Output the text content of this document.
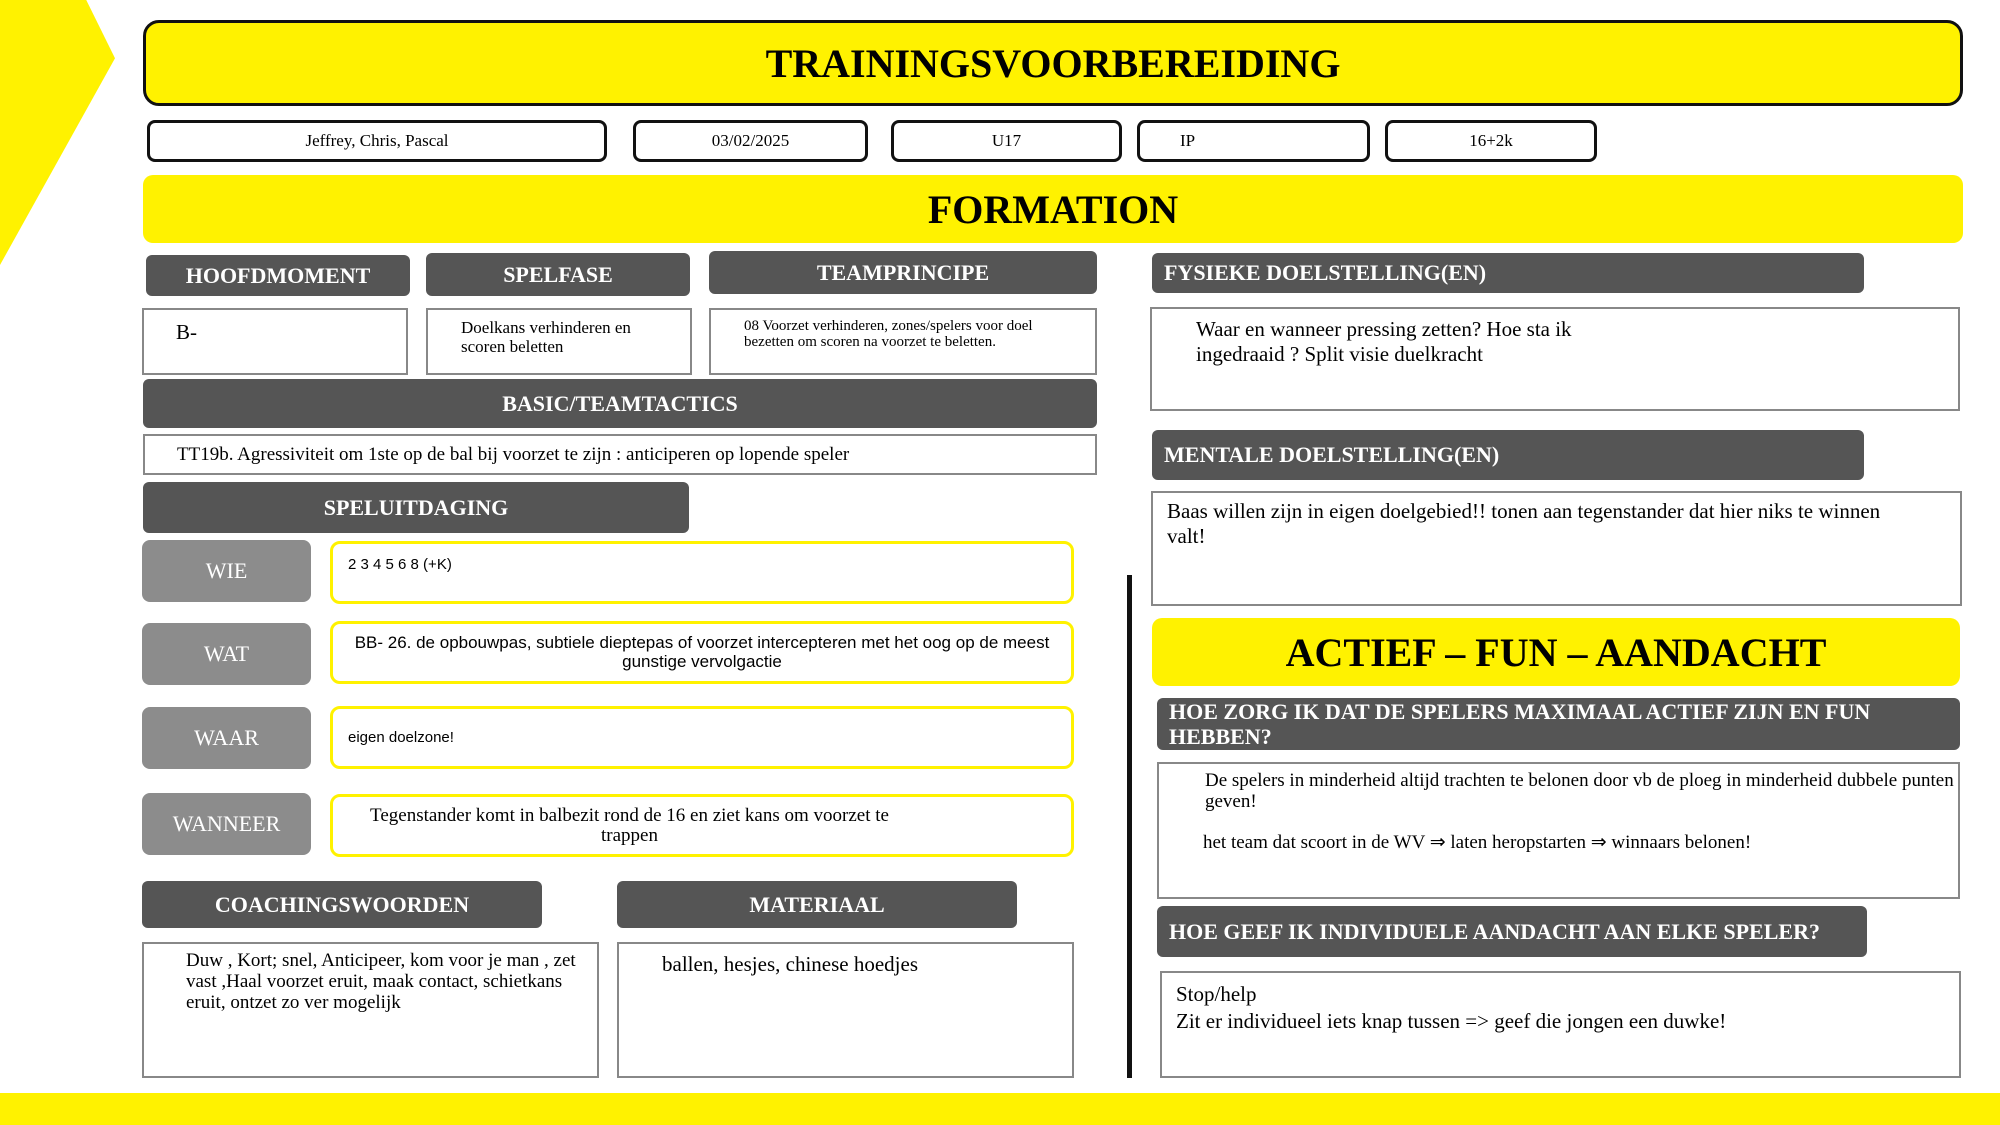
TRAININGSVOORBEREIDING
Jeffrey, Chris, Pascal	03/02/2025	U17	IP	16+2k
FORMATION
HOOFDMOMENT	SPELFASE	TEAMPRINCIPE

B-	Doelkans verhinderen en scoren beletten

08 Voorzet verhinderen, zones/spelers voor doel bezetten om scoren na voorzet te beletten.

BASIC/TEAMTACTICS

TT19b. Agressiviteit om 1ste op de bal bij voorzet te zijn : anticiperen op lopende speler

SPELUITDAGING
WIE	2 3 4 5 6 8 (+K)

WAT	BB- 26. de opbouwpas, subtiele dieptepas of voorzet intercepteren met het oog op de meest gunstige vervolgactie

WAAR	eigen doelzone!

WANNEER	Tegenstander komt in balbezit rond de 16 en ziet kans om voorzet te trappen

COACHINGSWOORDEN	MATERIAAL

Duw , Kort; snel, Anticipeer, kom voor je man , zet vast ,Haal voorzet eruit, maak contact, schietkans eruit, ontzet zo ver mogelijk

ballen, hesjes, chinese hoedjes

FYSIEKE DOELSTELLING(EN)

Waar en wanneer pressing zetten? Hoe sta ik ingedraaid ? Split visie duelkracht

MENTALE DOELSTELLING(EN)

Baas willen zijn in eigen doelgebied!! tonen aan tegenstander dat hier niks te winnen valt!

ACTIEF – FUN – AANDACHT
HOE ZORG IK DAT DE SPELERS MAXIMAAL ACTIEF ZIJN EN FUN HEBBEN?

De spelers in minderheid altijd trachten te belonen door vb de ploeg in minderheid dubbele punten geven!

het team dat scoort in de WV ⇒ laten heropstarten ⇒ winnaars belonen!

HOE GEEF IK INDIVIDUELE AANDACHT AAN ELKE SPELER?

Stop/help

Zit er individueel iets knap tussen => geef die jongen een duwke!
